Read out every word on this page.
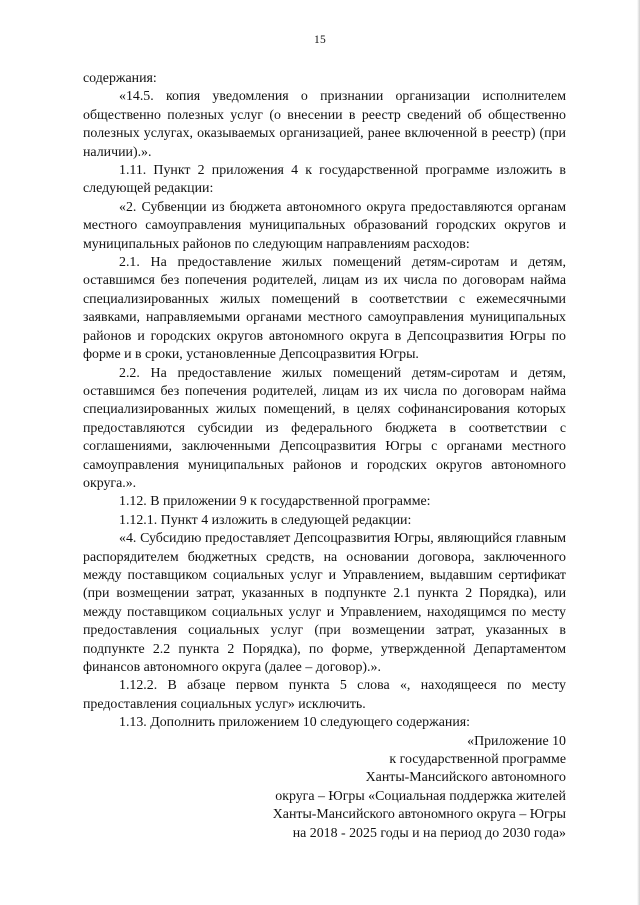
15

содержания:

«14.5. копия уведомления о признании организации исполнителем общественно полезных услуг (о внесении в реестр сведений об общественно полезных услугах, оказываемых организацией, ранее включенной в реестр) (при наличии).».

1.11. Пункт 2 приложения 4 к государственной программе изложить в следующей редакции:

«2. Субвенции из бюджета автономного округа предоставляются органам местного самоуправления муниципальных образований городских округов и муниципальных районов по следующим направлениям расходов:

2.1. На предоставление жилых помещений детям-сиротам и детям, оставшимся без попечения родителей, лицам из их числа по договорам найма специализированных жилых помещений в соответствии с ежемесячными заявками, направляемыми органами местного самоуправления муниципальных районов и городских округов автономного округа в Депсоцразвития Югры по форме и в сроки, установленные Депсоцразвития Югры.

2.2. На предоставление жилых помещений детям-сиротам и детям, оставшимся без попечения родителей, лицам из их числа по договорам найма специализированных жилых помещений, в целях софинансирования которых предоставляются субсидии из федерального бюджета в соответствии с соглашениями, заключенными Депсоцразвития Югры с органами местного самоуправления муниципальных районов и городских округов автономного округа.».

1.12. В приложении 9 к государственной программе:

1.12.1. Пункт 4 изложить в следующей редакции:

«4. Субсидию предоставляет Депсоцразвития Югры, являющийся главным распорядителем бюджетных средств, на основании договора, заключенного между поставщиком социальных услуг и Управлением, выдавшим сертификат (при возмещении затрат, указанных в подпункте 2.1 пункта 2 Порядка), или между поставщиком социальных услуг и Управлением, находящимся по месту предоставления социальных услуг (при возмещении затрат, указанных в подпункте 2.2 пункта 2 Порядка), по форме, утвержденной Департаментом финансов автономного округа (далее – договор).».

1.12.2. В абзаце первом пункта 5 слова «, находящееся по месту предоставления социальных услуг» исключить.

1.13. Дополнить приложением 10 следующего содержания:

«Приложение 10
к государственной программе
Ханты-Мансийского автономного
округа – Югры «Социальная поддержка жителей
Ханты-Мансийского автономного округа – Югры
на 2018 - 2025 годы и на период до 2030 года»
